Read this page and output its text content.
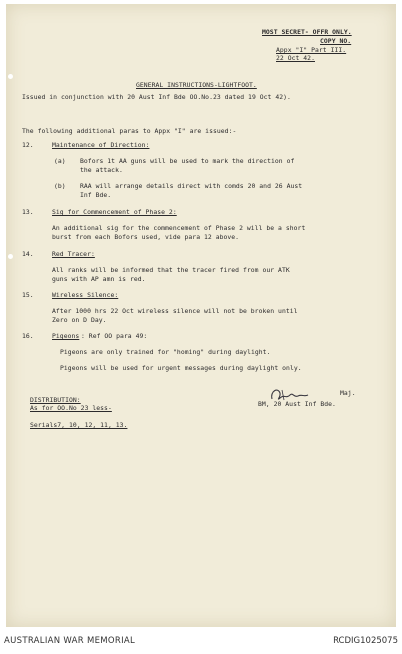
MOST SECRET- OFFR ONLY.
COPY NO.
Appx "I" Part III.
22 Oct 42.
GENERAL INSTRUCTIONS-LIGHTFOOT.
Issued in conjunction with 20 Aust Inf Bde OO.No.23 dated 19 Oct 42).
The following additional paras to Appx "I" are issued:-
12.	Maintenance of Direction:
(a) Bofors 1t AA guns will be used to mark the direction of
the attack.
(b) RAA will arrange details direct with comds 20 and 26 Aust
Inf Bde.
13.	Sig for Commencement of Phase 2:
An additional sig for the commencement of Phase 2 will be a short
burst from each Bofors used, vide para 12 above.
14.	Red Tracer:
All ranks will be informed that the tracer fired from our ATK
guns with AP amn is red.
15.	Wireless Silence:
After 1000 hrs 22 Oct wireless silence will not be broken until
Zero on D Day.
16.	Pigeons : Ref OO para 49:
Pigeons are only trained for "homing" during daylight.
Pigeons will be used for urgent messages during daylight only.
Maj.
BM, 20 Aust Inf Bde.
DISTRIBUTION:
As for OO.No 23 less-
Serials7, 10, 12, 11, 13.
AUSTRALIAN WAR MEMORIAL	RCDIG1025075
